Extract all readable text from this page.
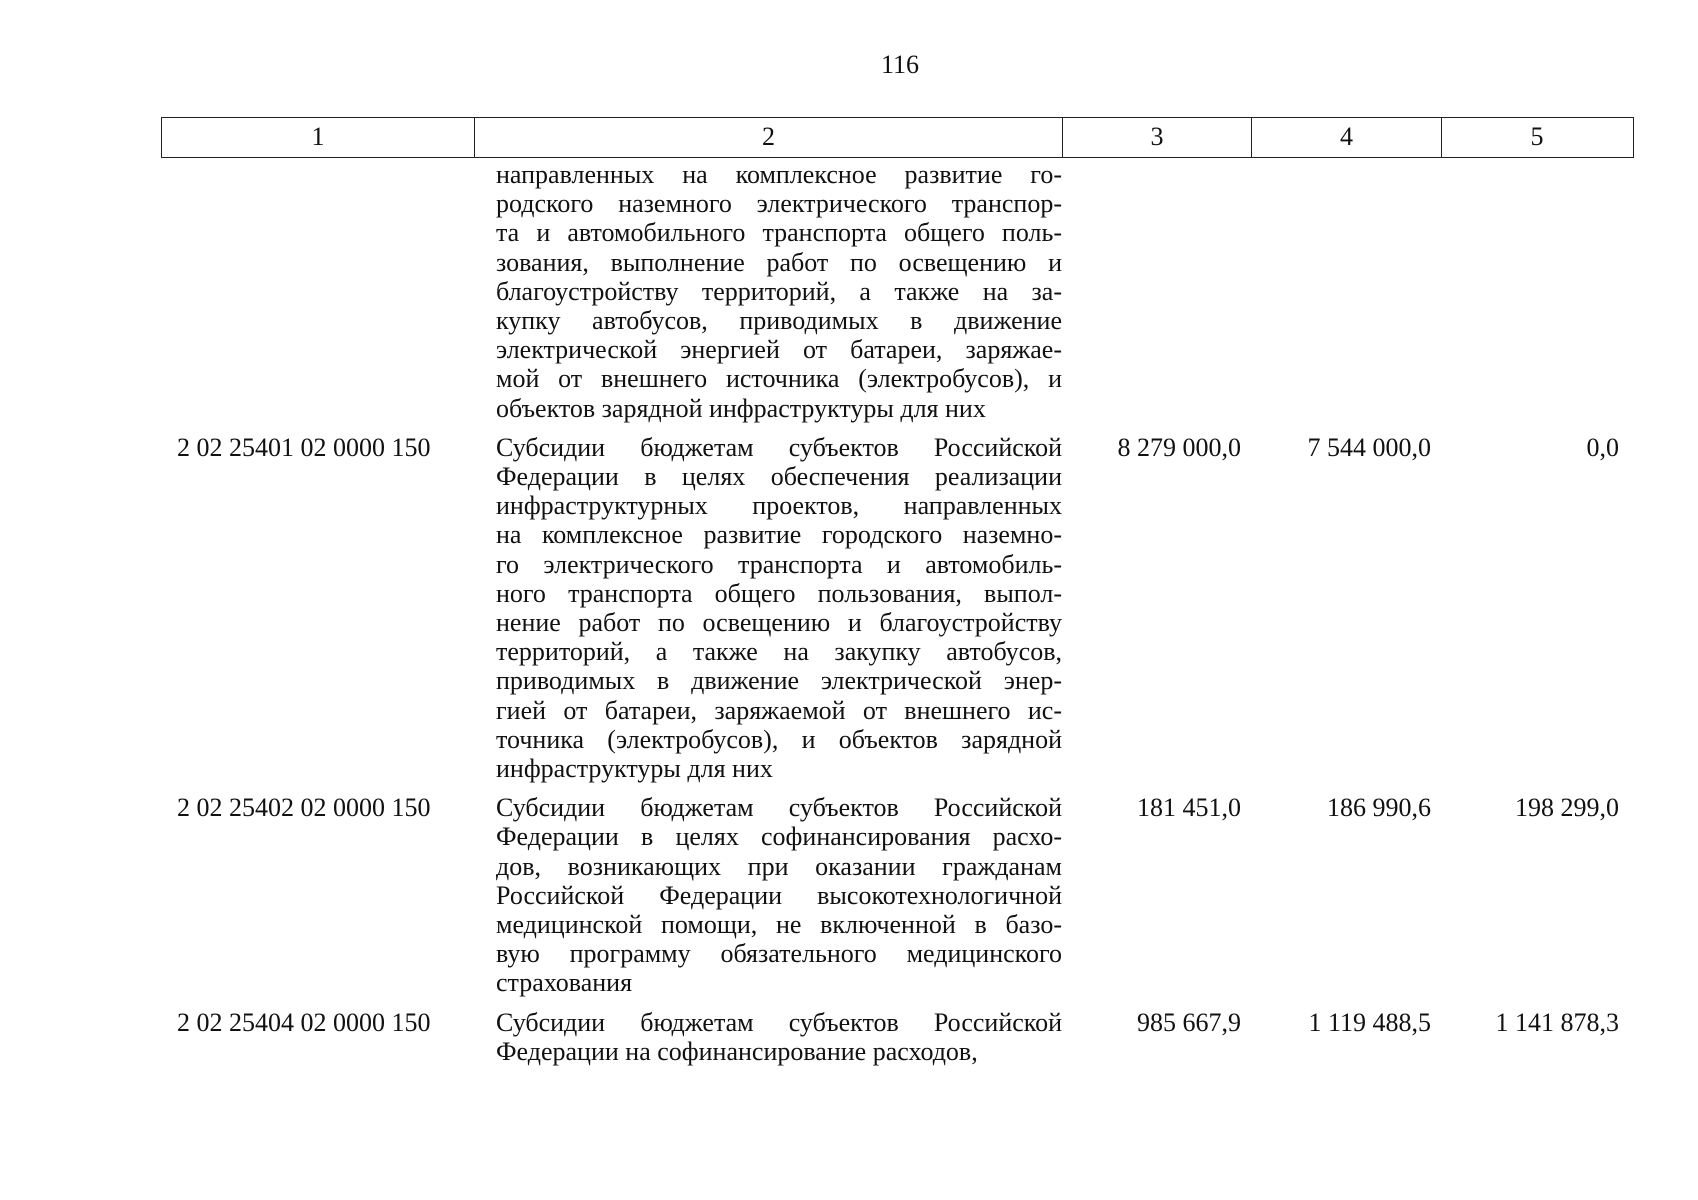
116
1	2	3	4	5
направленных на комплексное развитие го-
родского наземного электрического транспор-
та и автомобильного транспорта общего поль-
зования, выполнение работ по освещению и
благоустройству территорий, а также на за-
купку автобусов, приводимых в движение
электрической энергией от батареи, заряжае-
мой от внешнего источника (электробусов), и
объектов зарядной инфраструктуры для них
2 02 25401 02 0000 150	Субсидии бюджетам субъектов Российской
Федерации в целях обеспечения реализации
инфраструктурных проектов, направленных
на комплексное развитие городского наземно-
го электрического транспорта и автомобиль-
ного транспорта общего пользования, выпол-
нение работ по освещению и благоустройству
территорий, а также на закупку автобусов,
приводимых в движение электрической энер-
гией от батареи, заряжаемой от внешнего ис-
точника (электробусов), и объектов зарядной
инфраструктуры для них
8 279 000,0	7 544 000,0	0,0
2 02 25402 02 0000 150	Субсидии бюджетам субъектов Российской
Федерации в целях софинансирования расхо-
дов, возникающих при оказании гражданам
Российской Федерации высокотехнологичной
медицинской помощи, не включенной в базо-
вую программу обязательного медицинского
страхования
181 451,0	186 990,6	198 299,0
2 02 25404 02 0000 150	Субсидии бюджетам субъектов Российской
Федерации на софинансирование расходов,
985 667,9	1 119 488,5	1 141 878,3
